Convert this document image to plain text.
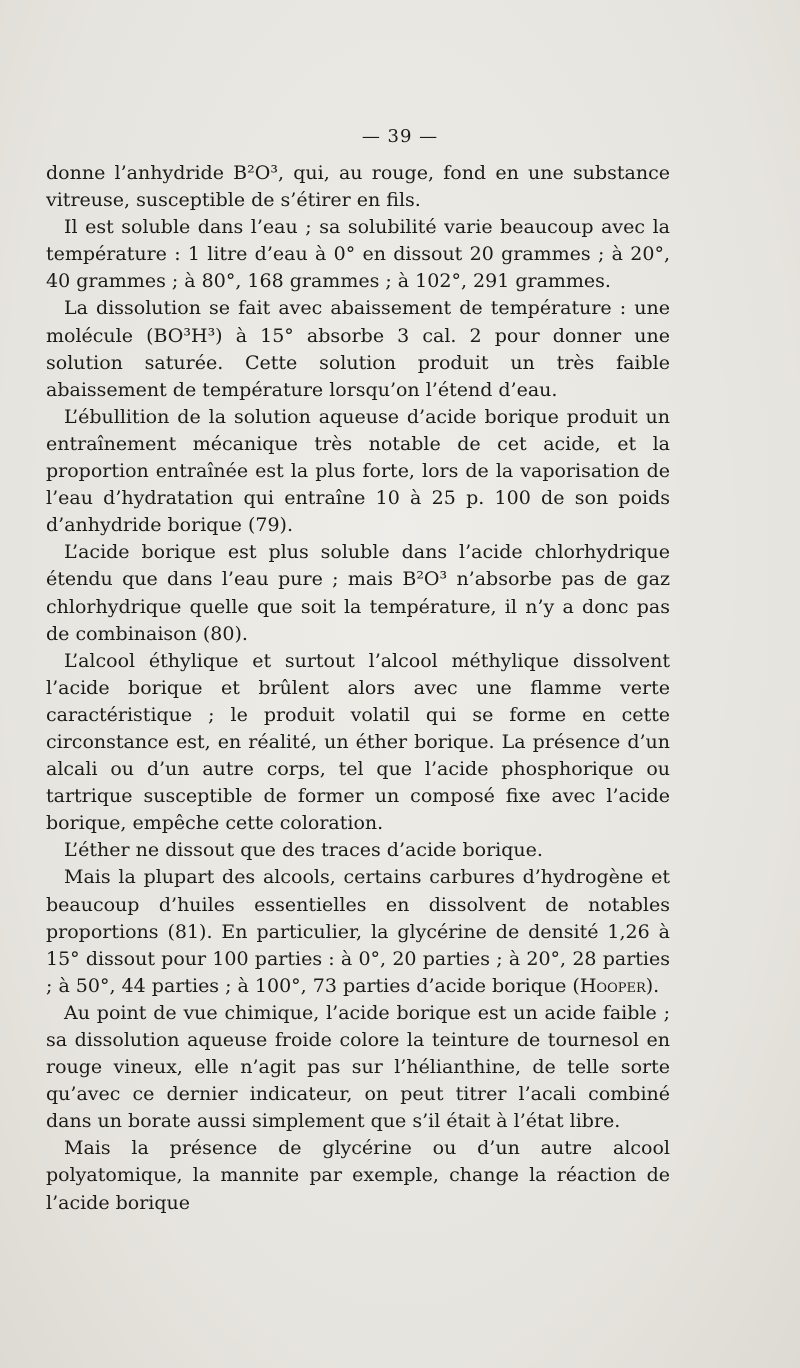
— 39 —

donne l’anhydride B²O³, qui, au rouge, fond en une substance vitreuse, susceptible de s’étirer en fils.

Il est soluble dans l’eau ; sa solubilité varie beaucoup avec la température : 1 litre d’eau à 0° en dissout 20 grammes ; à 20°, 40 grammes ; à 80°, 168 grammes ; à 102°, 291 grammes.

La dissolution se fait avec abaissement de température : une molécule (BO³H³) à 15° absorbe 3 cal. 2 pour donner une solution saturée. Cette solution produit un très faible abaissement de température lorsqu’on l’étend d’eau.

L’ébullition de la solution aqueuse d’acide borique produit un entraînement mécanique très notable de cet acide, et la proportion entraînée est la plus forte, lors de la vaporisation de l’eau d’hydratation qui entraîne 10 à 25 p. 100 de son poids d’anhydride borique (79).

L’acide borique est plus soluble dans l’acide chlorhydrique étendu que dans l’eau pure ; mais B²O³ n’absorbe pas de gaz chlorhydrique quelle que soit la température, il n’y a donc pas de combinaison (80).

L’alcool éthylique et surtout l’alcool méthylique dissolvent l’acide borique et brûlent alors avec une flamme verte caractéristique ; le produit volatil qui se forme en cette circonstance est, en réalité, un éther borique. La présence d’un alcali ou d’un autre corps, tel que l’acide phosphorique ou tartrique susceptible de former un composé fixe avec l’acide borique, empêche cette coloration.

L’éther ne dissout que des traces d’acide borique.

Mais la plupart des alcools, certains carbures d’hydrogène et beaucoup d’huiles essentielles en dissolvent de notables proportions (81). En particulier, la glycérine de densité 1,26 à 15° dissout pour 100 parties : à 0°, 20 parties ; à 20°, 28 parties ; à 50°, 44 parties ; à 100°, 73 parties d’acide borique (Hooper).

Au point de vue chimique, l’acide borique est un acide faible ; sa dissolution aqueuse froide colore la teinture de tournesol en rouge vineux, elle n’agit pas sur l’hélianthine, de telle sorte qu’avec ce dernier indicateur, on peut titrer l’acali combiné dans un borate aussi simplement que s’il était à l’état libre.

Mais la présence de glycérine ou d’un autre alcool polyatomique, la mannite par exemple, change la réaction de l’acide borique
